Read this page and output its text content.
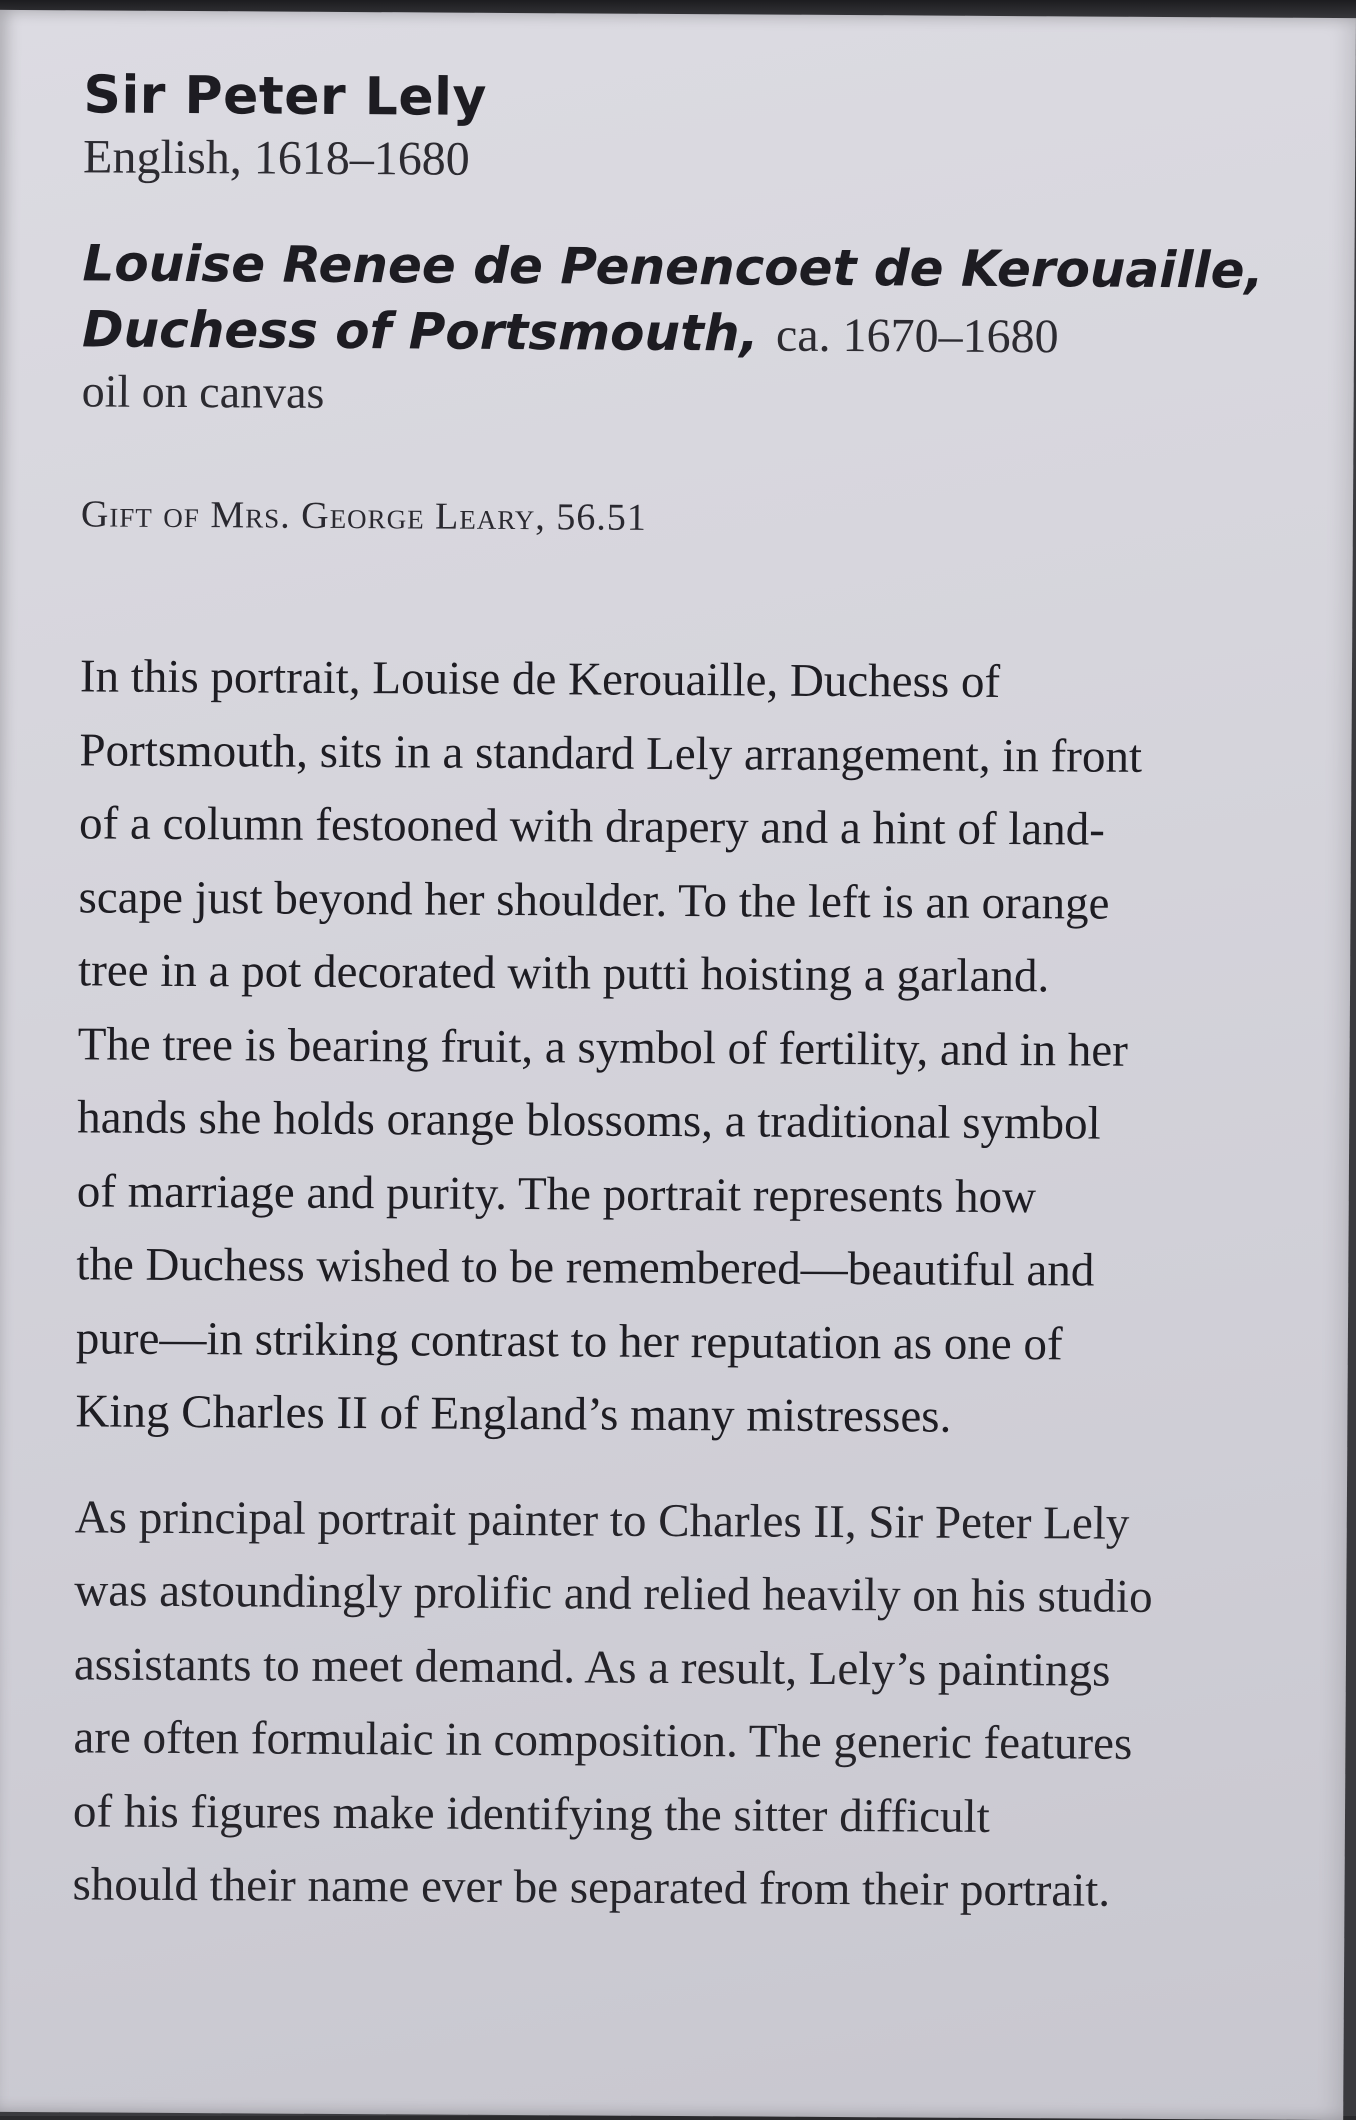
Sir Peter Lely

English, 1618–1680

Louise Renee de Penencoet de Kerouaille,
Duchess of Portsmouth, ca. 1670–1680

oil on canvas

Gift of Mrs. George Leary, 56.51

In this portrait, Louise de Kerouaille, Duchess of
Portsmouth, sits in a standard Lely arrangement, in front
of a column festooned with drapery and a hint of land-
scape just beyond her shoulder. To the left is an orange
tree in a pot decorated with putti hoisting a garland.
The tree is bearing fruit, a symbol of fertility, and in her
hands she holds orange blossoms, a traditional symbol
of marriage and purity. The portrait represents how
the Duchess wished to be remembered—beautiful and
pure—in striking contrast to her reputation as one of
King Charles II of England’s many mistresses.

As principal portrait painter to Charles II, Sir Peter Lely
was astoundingly prolific and relied heavily on his studio
assistants to meet demand. As a result, Lely’s paintings
are often formulaic in composition. The generic features
of his figures make identifying the sitter difficult
should their name ever be separated from their portrait.
